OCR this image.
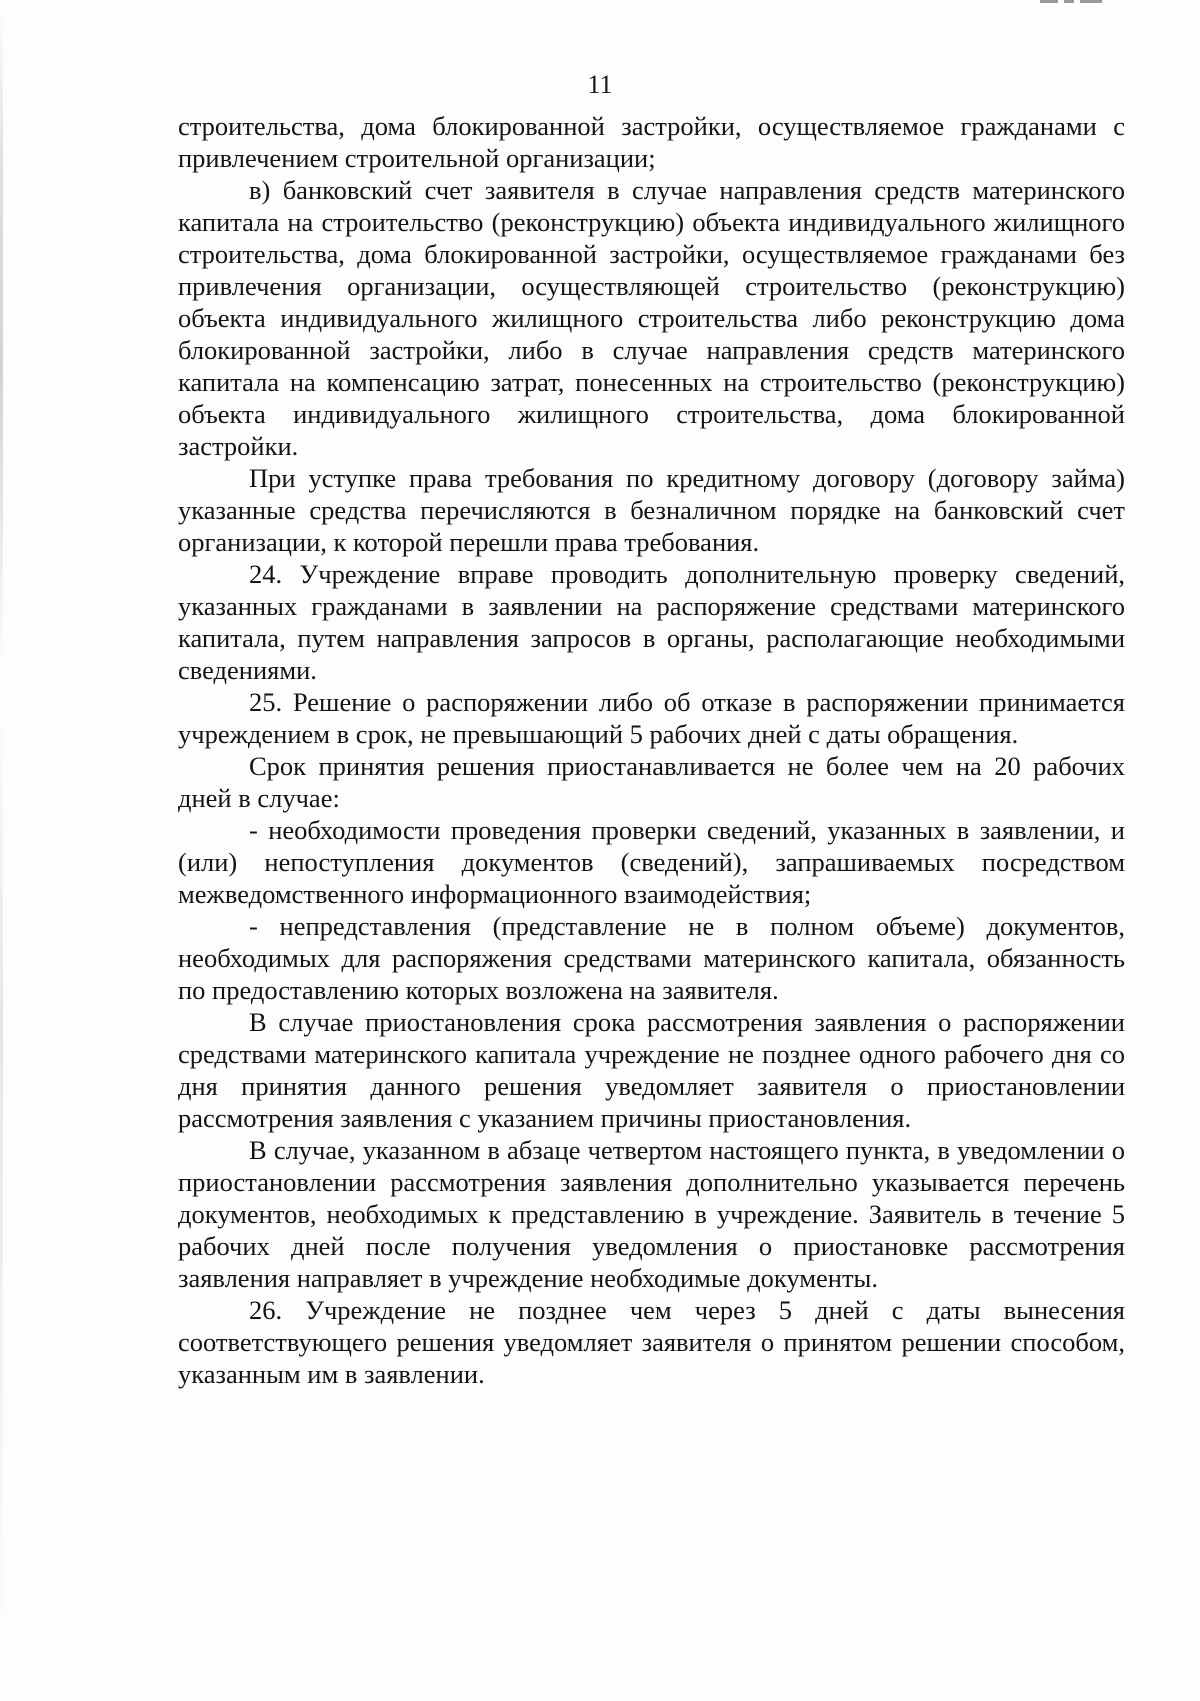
11

строительства, дома блокированной застройки, осуществляемое гражданами с привлечением строительной организации;

в) банковский счет заявителя в случае направления средств материнского капитала на строительство (реконструкцию) объекта индивидуального жилищного строительства, дома блокированной застройки, осуществляемое гражданами без привлечения организации, осуществляющей строительство (реконструкцию) объекта индивидуального жилищного строительства либо реконструкцию дома блокированной застройки, либо в случае направления средств материнского капитала на компенсацию затрат, понесенных на строительство (реконструкцию) объекта индивидуального жилищного строительства, дома блокированной застройки.

При уступке права требования по кредитному договору (договору займа) указанные средства перечисляются в безналичном порядке на банковский счет организации, к которой перешли права требования.

24. Учреждение вправе проводить дополнительную проверку сведений, указанных гражданами в заявлении на распоряжение средствами материнского капитала, путем направления запросов в органы, располагающие необходимыми сведениями.

25. Решение о распоряжении либо об отказе в распоряжении принимается учреждением в срок, не превышающий 5 рабочих дней с даты обращения.

Срок принятия решения приостанавливается не более чем на 20 рабочих дней в случае:

- необходимости проведения проверки сведений, указанных в заявлении, и (или) непоступления документов (сведений), запрашиваемых посредством межведомственного информационного взаимодействия;

- непредставления (представление не в полном объеме) документов, необходимых для распоряжения средствами материнского капитала, обязанность по предоставлению которых возложена на заявителя.

В случае приостановления срока рассмотрения заявления о распоряжении средствами материнского капитала учреждение не позднее одного рабочего дня со дня принятия данного решения уведомляет заявителя о приостановлении рассмотрения заявления с указанием причины приостановления.

В случае, указанном в абзаце четвертом настоящего пункта, в уведомлении о приостановлении рассмотрения заявления дополнительно указывается перечень документов, необходимых к представлению в учреждение. Заявитель в течение 5 рабочих дней после получения уведомления о приостановке рассмотрения заявления направляет в учреждение необходимые документы.

26. Учреждение не позднее чем через 5 дней с даты вынесения соответствующего решения уведомляет заявителя о принятом решении способом, указанным им в заявлении.
